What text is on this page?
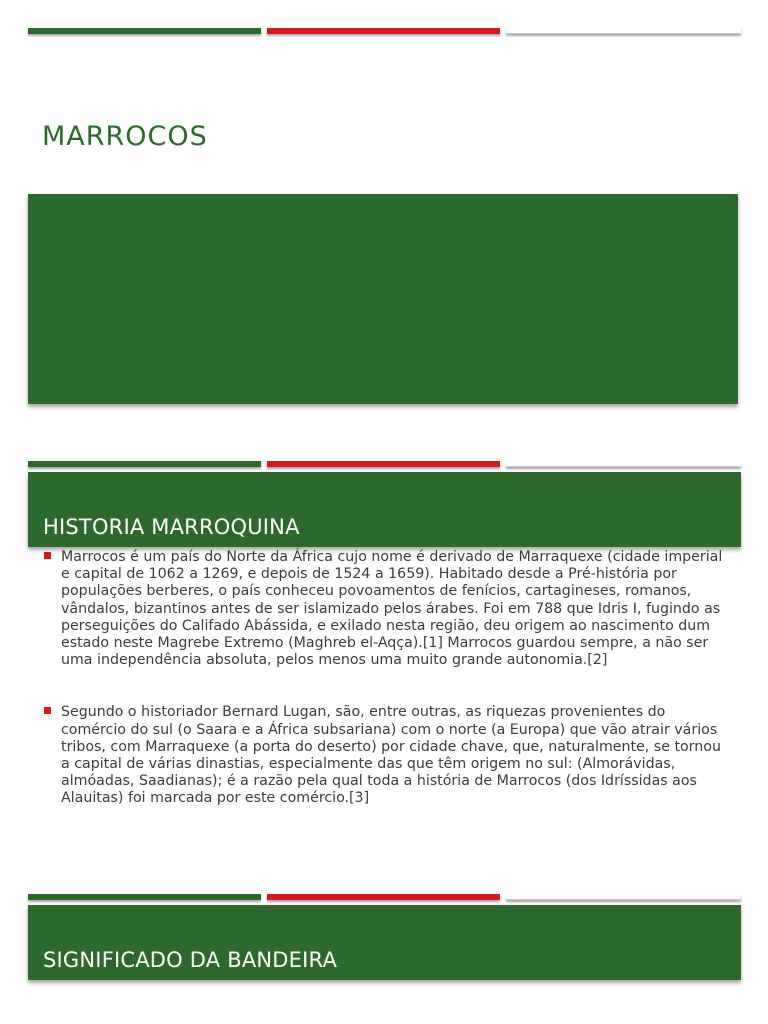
MARROCOS
HISTORIA MARROQUINA
Marrocos é um país do Norte da África cujo nome é derivado de Marraquexe (cidade imperial e capital de 1062 a 1269, e depois de 1524 a 1659). Habitado desde a Pré-história por populações berberes, o país conheceu povoamentos de fenícios, cartagineses, romanos, vândalos, bizantinos antes de ser islamizado pelos árabes. Foi em 788 que Idris I, fugindo as perseguições do Califado Abássida, e exilado nesta região, deu origem ao nascimento dum estado neste Magrebe Extremo (Maghreb el-Aqça).[1] Marrocos guardou sempre, a não ser uma independência absoluta, pelos menos uma muito grande autonomia.[2]
Segundo o historiador Bernard Lugan, são, entre outras, as riquezas provenientes do comércio do sul (o Saara e a África subsariana) com o norte (a Europa) que vão atrair vários tribos, com Marraquexe (a porta do deserto) por cidade chave, que, naturalmente, se tornou a capital de várias dinastias, especialmente das que têm origem no sul: (Almorávidas, almóadas, Saadianas); é a razão pela qual toda a história de Marrocos (dos Idríssidas aos Alauitas) foi marcada por este comércio.[3]
SIGNIFICADO DA BANDEIRA
